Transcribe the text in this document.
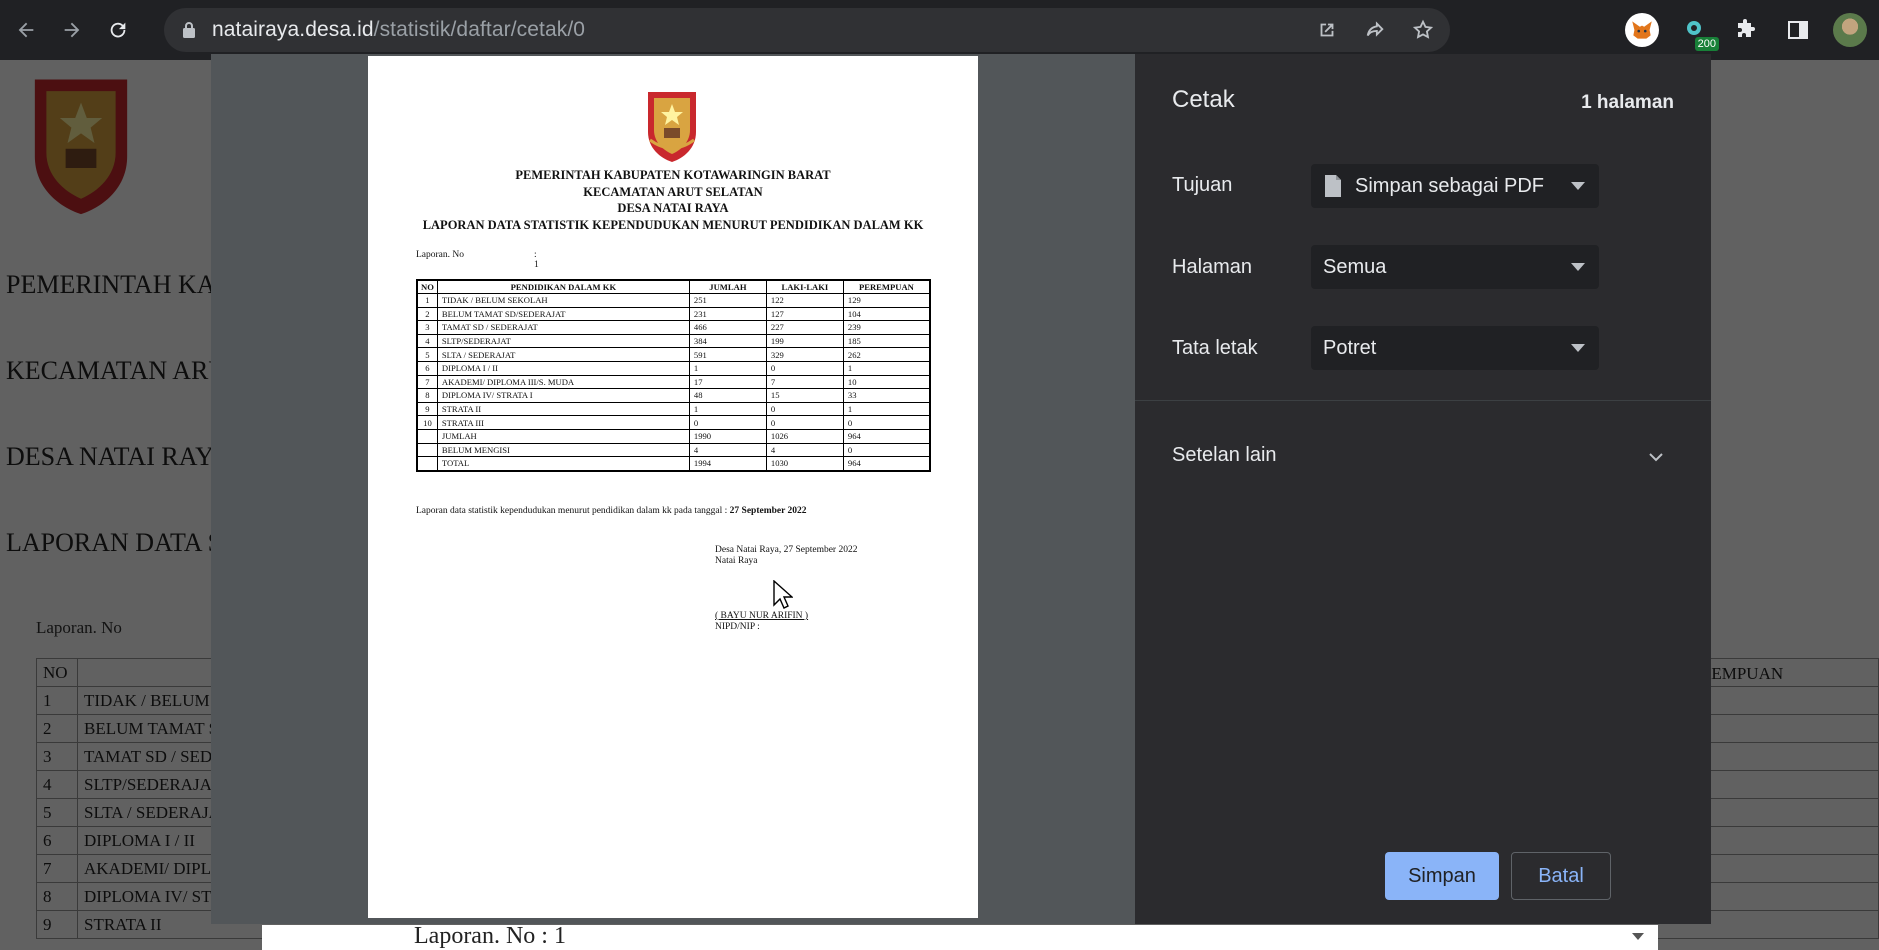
natairaya.desa.id/statistik/daftar/cetak/0
200

Laporan. No : 1
PEMERINTAH KABUPATEN KOTAWARINGIN BARAT
KECAMATAN ARUT SELATAN
DESA NATAI RAYA
LAPORAN DATA STATISTIK KEPENDUDUKAN MENURUT PENDIDIKAN DALAM KK
Laporan. No	: 1
NO	PENDIDIKAN DALAM KK	JUMLAH	LAKI-LAKI	PEREMPUAN
1	TIDAK / BELUM SEKOLAH	251	122	129
2	BELUM TAMAT SD/SEDERAJAT	231	127	104
3	TAMAT SD / SEDERAJAT	466	227	239
4	SLTP/SEDERAJAT	384	199	185
5	SLTA / SEDERAJAT	591	329	262
6	DIPLOMA I / II	1	0	1
7	AKADEMI/ DIPLOMA III/S. MUDA	17	7	10
8	DIPLOMA IV/ STRATA I	48	15	33
9	STRATA II	1	0	1
10	STRATA III	0	0	0
	JUMLAH	1990	1026	964
	BELUM MENGISI	4	4	0
	TOTAL	1994	1030	964
Laporan data statistik kependudukan menurut pendidikan dalam kk pada tanggal : 27 September 2022
Desa Natai Raya, 27 September 2022
Natai Raya
( BAYU NUR ARIFIN )
NIPD/NIP :
Cetak	1 halaman
Tujuan	Simpan sebagai PDF
Halaman	Semua
Tata letak	Potret
Setelan lain
Simpan	Batal
